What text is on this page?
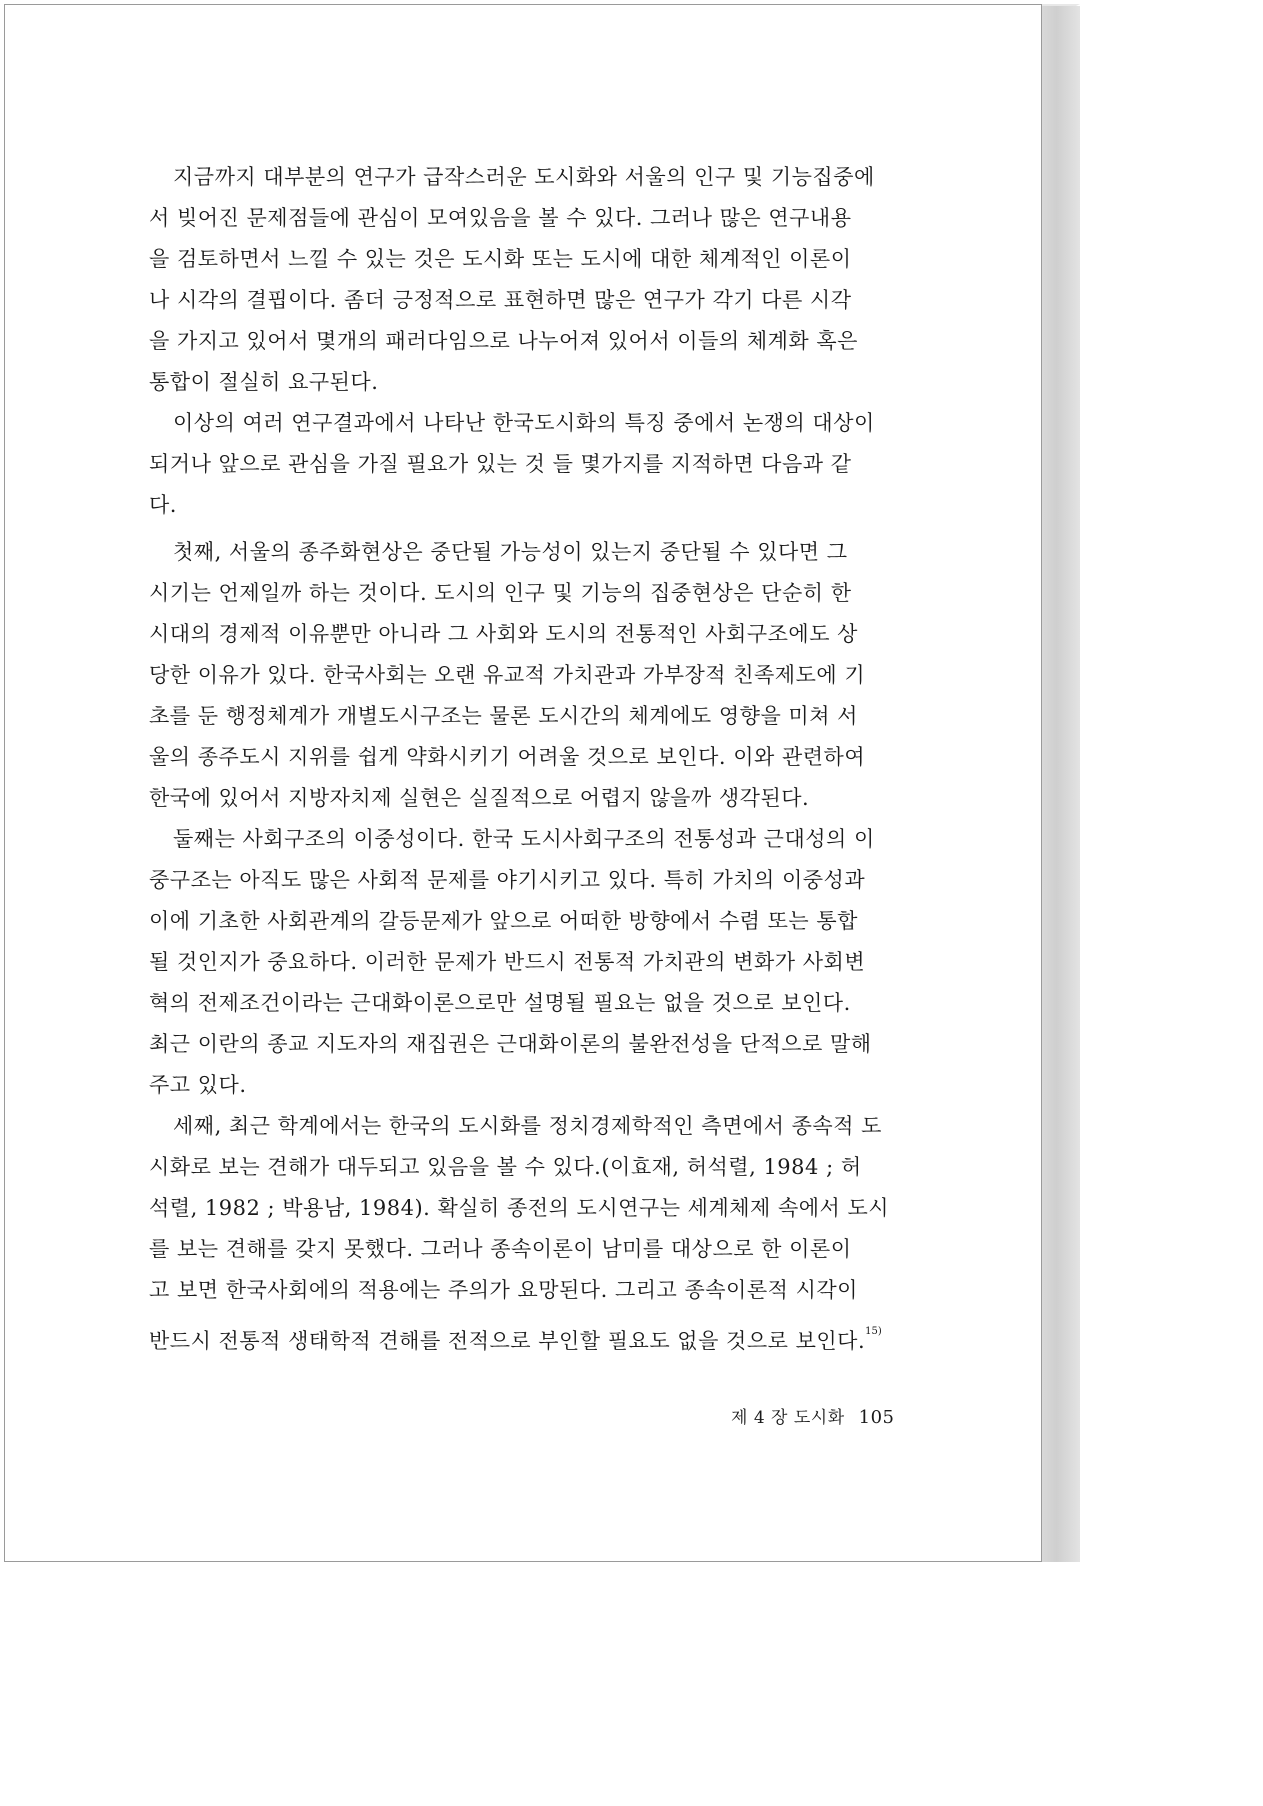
지금까지 대부분의 연구가 급작스러운 도시화와 서울의 인구 및 기능집중에
서 빚어진 문제점들에 관심이 모여있음을 볼 수 있다. 그러나 많은 연구내용
을 검토하면서 느낄 수 있는 것은 도시화 또는 도시에 대한 체계적인 이론이
나 시각의 결핍이다. 좀더 긍정적으로 표현하면 많은 연구가 각기 다른 시각
을 가지고 있어서 몇개의 패러다임으로 나누어져 있어서 이들의 체계화 혹은
통합이 절실히 요구된다.
이상의 여러 연구결과에서 나타난 한국도시화의 특징 중에서 논쟁의 대상이
되거나 앞으로 관심을 가질 필요가 있는 것 들 몇가지를 지적하면 다음과 같
다.
첫째, 서울의 종주화현상은 중단될 가능성이 있는지 중단될 수 있다면 그
시기는 언제일까 하는 것이다. 도시의 인구 및 기능의 집중현상은 단순히 한
시대의 경제적 이유뿐만 아니라 그 사회와 도시의 전통적인 사회구조에도 상
당한 이유가 있다. 한국사회는 오랜 유교적 가치관과 가부장적 친족제도에 기
초를 둔 행정체계가 개별도시구조는 물론 도시간의 체계에도 영향을 미쳐 서
울의 종주도시 지위를 쉽게 약화시키기 어려울 것으로 보인다. 이와 관련하여
한국에 있어서 지방자치제 실현은 실질적으로 어렵지 않을까 생각된다.
둘째는 사회구조의 이중성이다. 한국 도시사회구조의 전통성과 근대성의 이
중구조는 아직도 많은 사회적 문제를 야기시키고 있다. 특히 가치의 이중성과
이에 기초한 사회관계의 갈등문제가 앞으로 어떠한 방향에서 수렴 또는 통합
될 것인지가 중요하다. 이러한 문제가 반드시 전통적 가치관의 변화가 사회변
혁의 전제조건이라는 근대화이론으로만 설명될 필요는 없을 것으로 보인다.
최근 이란의 종교 지도자의 재집권은 근대화이론의 불완전성을 단적으로 말해
주고 있다.
세째, 최근 학계에서는 한국의 도시화를 정치경제학적인 측면에서 종속적 도
시화로 보는 견해가 대두되고 있음을 볼 수 있다.(이효재, 허석렬, 1984 ; 허
석렬, 1982 ; 박용남, 1984). 확실히 종전의 도시연구는 세계체제 속에서 도시
를 보는 견해를 갖지 못했다. 그러나 종속이론이 남미를 대상으로 한 이론이
고 보면 한국사회에의 적용에는 주의가 요망된다. 그리고 종속이론적 시각이
반드시 전통적 생태학적 견해를 전적으로 부인할 필요도 없을 것으로 보인다.$^{15)}$
제 4 장 도시화 105
